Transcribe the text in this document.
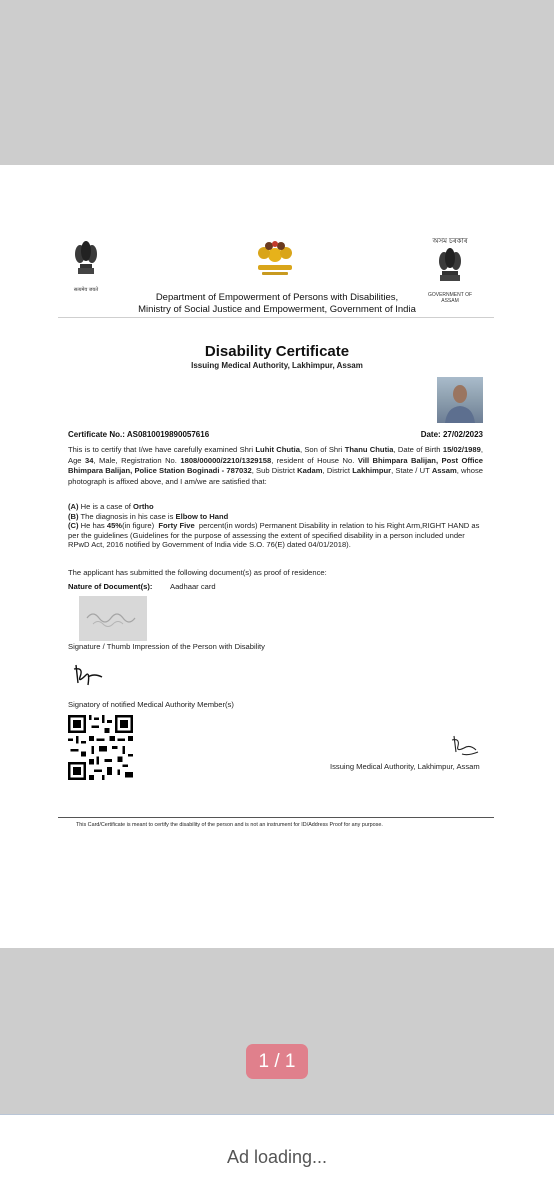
सत्यमेव जयते
অসম চৰকাৰ
GOVERNMENT OF ASSAM
Department of Empowerment of Persons with Disabilities,
Ministry of Social Justice and Empowerment, Government of India
Disability Certificate
Issuing Medical Authority, Lakhimpur, Assam
Certificate No.: AS0810019890057616	Date: 27/02/2023
This is to certify that I/we have carefully examined Shri Luhit Chutia, Son of Shri Thanu Chutia, Date of Birth 15/02/1989, Age 34, Male, Registration No. 1808/00000/2210/1329158, resident of House No. Vill Bhimpara Balijan, Post Office Bhimpara Balijan, Police Station Boginadi - 787032, Sub District Kadam, District Lakhimpur, State / UT Assam, whose photograph is affixed above, and I am/we are satisfied that:
(A) He is a case of Ortho
(B) The diagnosis in his case is Elbow to Hand
(C) He has 45%(in figure) Forty Five percent(in words) Permanent Disability in relation to his Right Arm,RIGHT HAND as per the guidelines (Guidelines for the purpose of assessing the extent of specified disability in a person included under RPwD Act, 2016 notified by Government of India vide S.O. 76(E) dated 04/01/2018).
The applicant has submitted the following document(s) as proof of residence:
Nature of Document(s): Aadhaar card
Signature / Thumb Impression of the Person with Disability
Signatory of notified Medical Authority Member(s)
Issuing Medical Authority, Lakhimpur, Assam
This Card/Certificate is meant to certify the disability of the person and is not an instrument for ID/Address Proof for any purpose.
1 / 1
Ad loading...
